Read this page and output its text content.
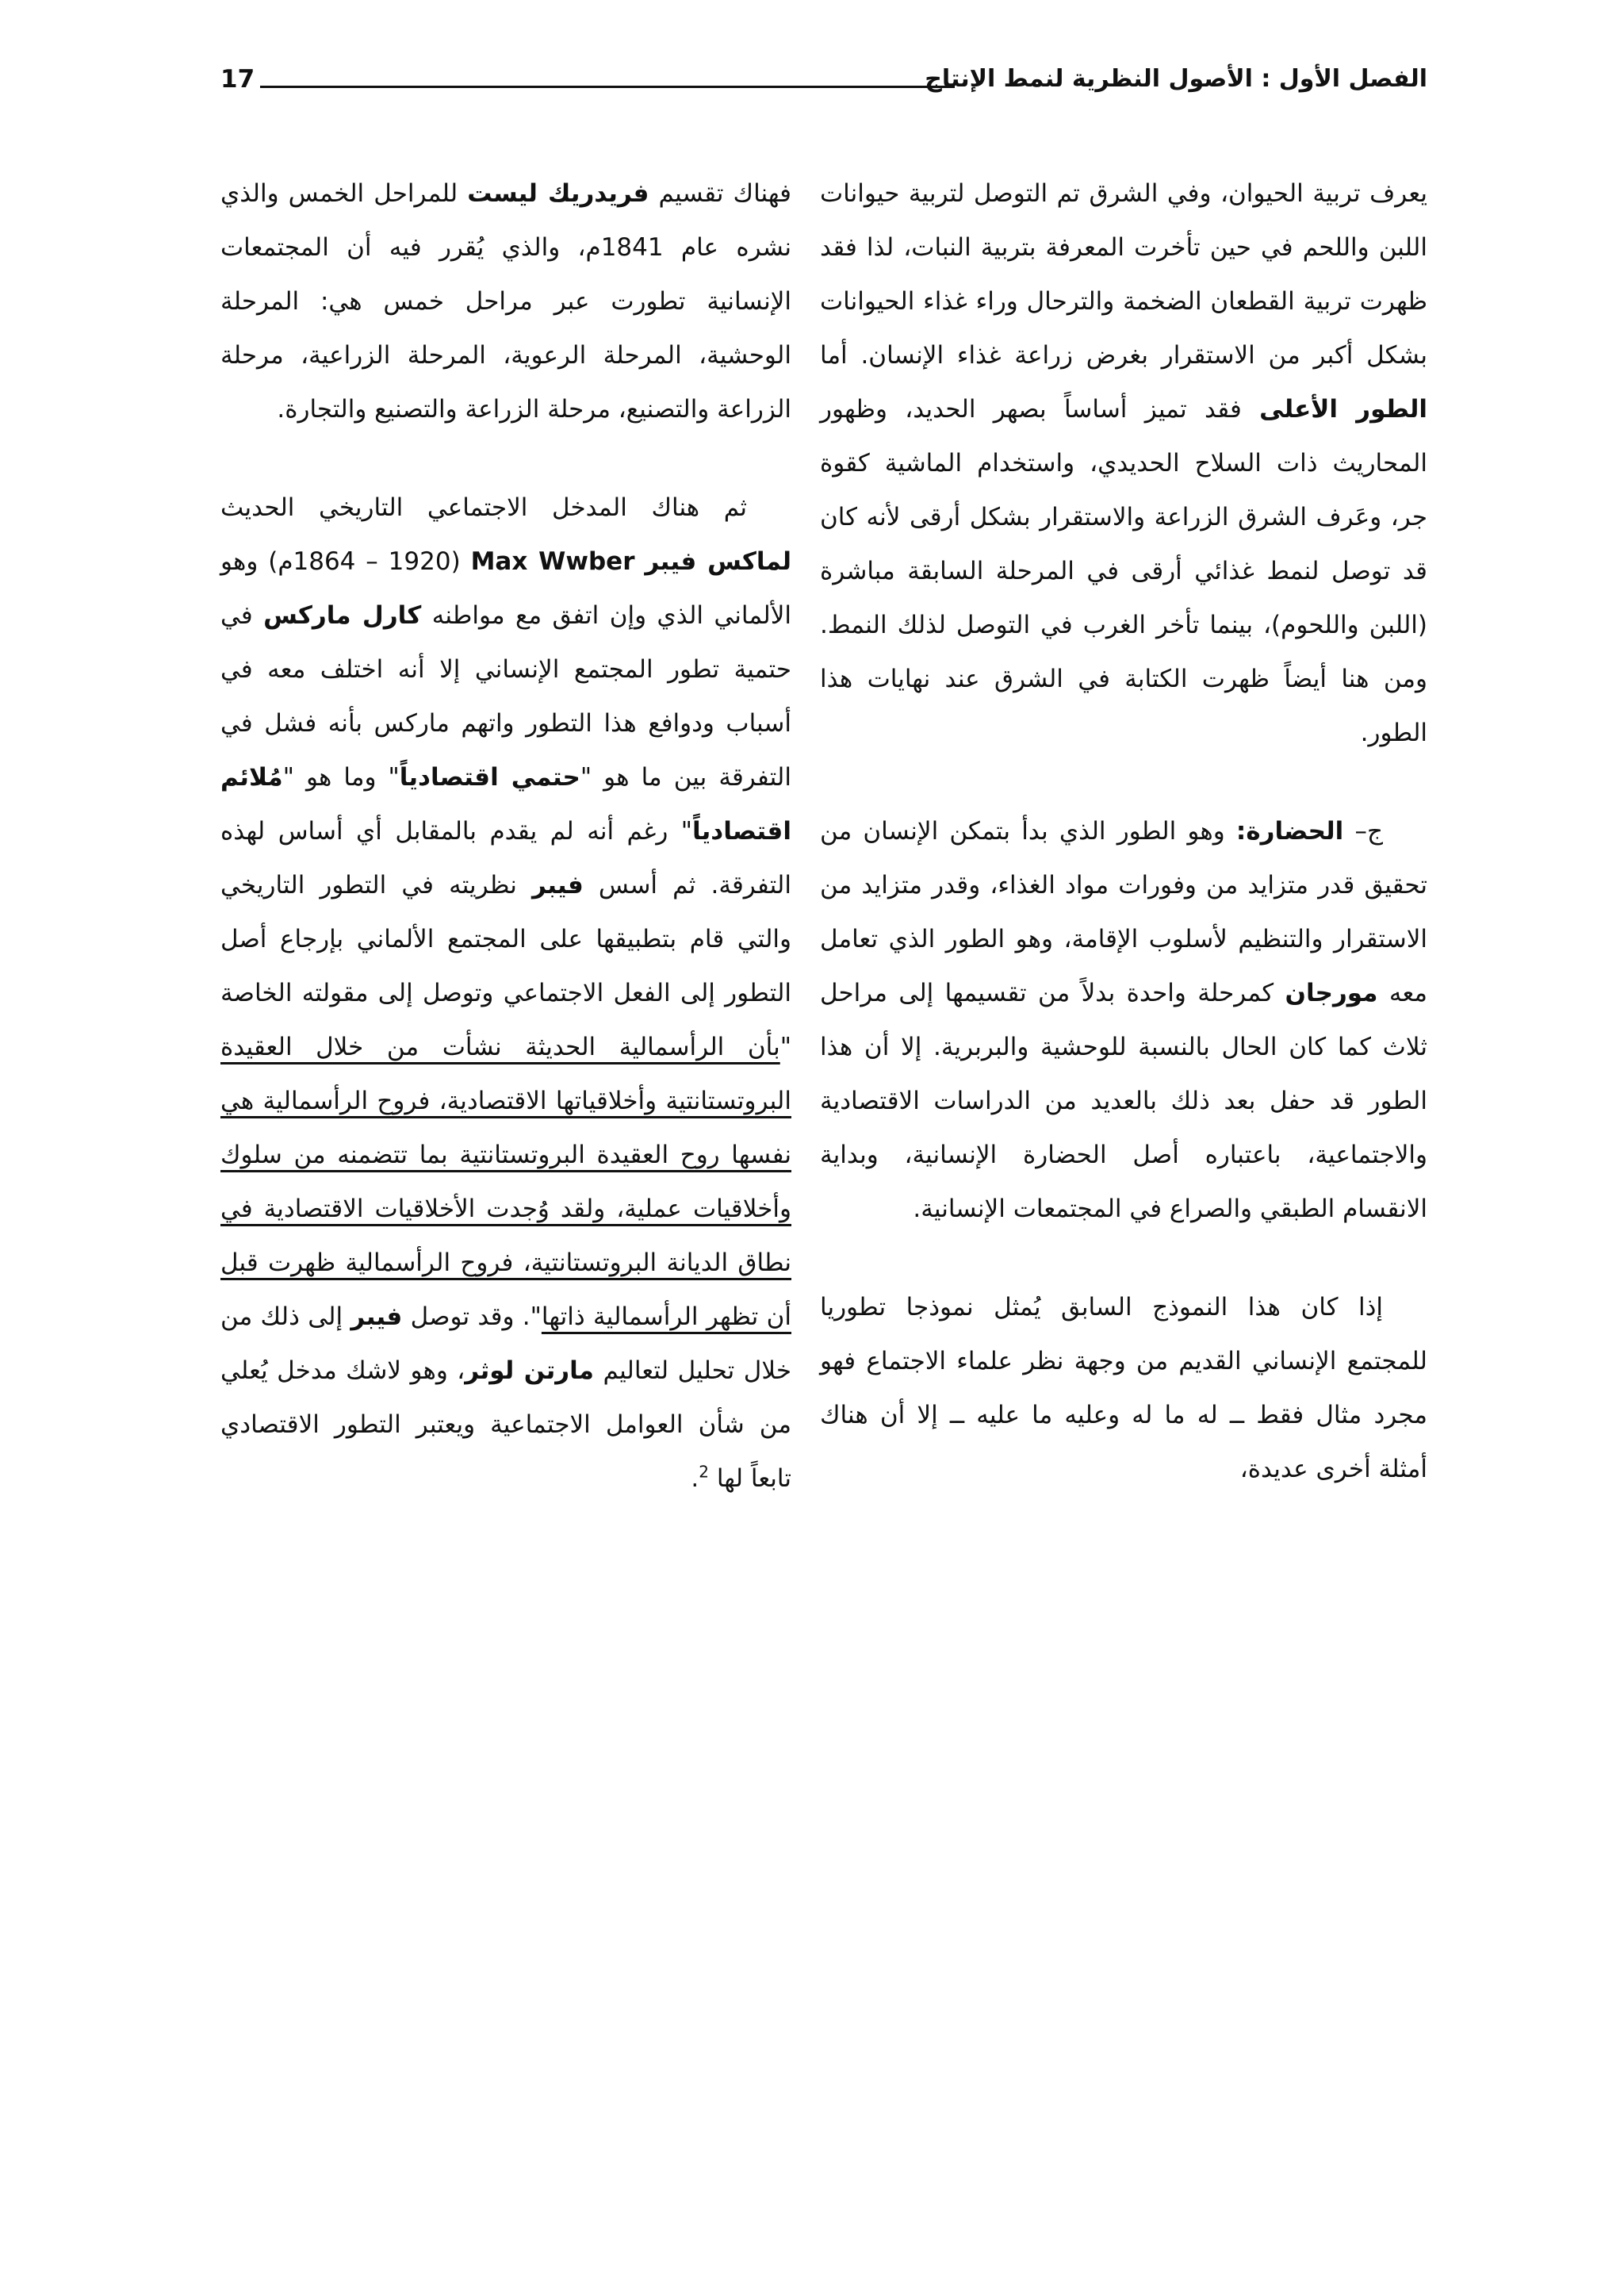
الفصل الأول : الأصول النظرية لنمط الإنتاج
17

يعرف تربية الحيوان، وفي الشرق تم التوصل لتربية حيوانات اللبن واللحم في حين تأخرت المعرفة بتربية النبات، لذا فقد ظهرت تربية القطعان الضخمة والترحال وراء غذاء الحيوانات بشكل أكبر من الاستقرار بغرض زراعة غذاء الإنسان. أما الطور الأعلى فقد تميز أساساً بصهر الحديد، وظهور المحاريث ذات السلاح الحديدي، واستخدام الماشية كقوة جر، وعَرف الشرق الزراعة والاستقرار بشكل أرقى لأنه كان قد توصل لنمط غذائي أرقى في المرحلة السابقة مباشرة (اللبن واللحوم)، بينما تأخر الغرب في التوصل لذلك النمط. ومن هنا أيضاً ظهرت الكتابة في الشرق عند نهايات هذا الطور.

ج– الحضارة: وهو الطور الذي بدأ بتمكن الإنسان من تحقيق قدر متزايد من وفورات مواد الغذاء، وقدر متزايد من الاستقرار والتنظيم لأسلوب الإقامة، وهو الطور الذي تعامل معه مورجان كمرحلة واحدة بدلاً من تقسيمها إلى مراحل ثلاث كما كان الحال بالنسبة للوحشية والبربرية. إلا أن هذا الطور قد حفل بعد ذلك بالعديد من الدراسات الاقتصادية والاجتماعية، باعتباره أصل الحضارة الإنسانية، وبداية الانقسام الطبقي والصراع في المجتمعات الإنسانية.

إذا كان هذا النموذج السابق يُمثل نموذجا تطوريا للمجتمع الإنساني القديم من وجهة نظر علماء الاجتماع فهو مجرد مثال فقط ــ له ما له وعليه ما عليه ــ إلا أن هناك أمثلة أخرى عديدة،

فهناك تقسيم فريدريك ليست للمراحل الخمس والذي نشره عام 1841م، والذي يُقرر فيه أن المجتمعات الإنسانية تطورت عبر مراحل خمس هي: المرحلة الوحشية، المرحلة الرعوية، المرحلة الزراعية، مرحلة الزراعة والتصنيع، مرحلة الزراعة والتصنيع والتجارة.

ثم هناك المدخل الاجتماعي التاريخي الحديث لماكس فيبر Max Wwber (1864 – 1920م) وهو الألماني الذي وإن اتفق مع مواطنه كارل ماركس في حتمية تطور المجتمع الإنساني إلا أنه اختلف معه في أسباب ودوافع هذا التطور واتهم ماركس بأنه فشل في التفرقة بين ما هو "حتمي اقتصادياً" وما هو "مُلائم اقتصادياً" رغم أنه لم يقدم بالمقابل أي أساس لهذه التفرقة. ثم أسس فيبر نظريته في التطور التاريخي والتي قام بتطبيقها على المجتمع الألماني بإرجاع أصل التطور إلى الفعل الاجتماعي وتوصل إلى مقولته الخاصة "بأن الرأسمالية الحديثة نشأت من خلال العقيدة البروتستانتية وأخلاقياتها الاقتصادية، فروح الرأسمالية هي نفسها روح العقيدة البروتستانتية بما تتضمنه من سلوك وأخلاقيات عملية، ولقد وُجدت الأخلاقيات الاقتصادية في نطاق الديانة البروتستانتية، فروح الرأسمالية ظهرت قبل أن تظهر الرأسمالية ذاتها". وقد توصل فيبر إلى ذلك من خلال تحليل لتعاليم مارتن لوثر، وهو لاشك مدخل يُعلي من شأن العوامل الاجتماعية ويعتبر التطور الاقتصادي تابعاً لها $^2$.
